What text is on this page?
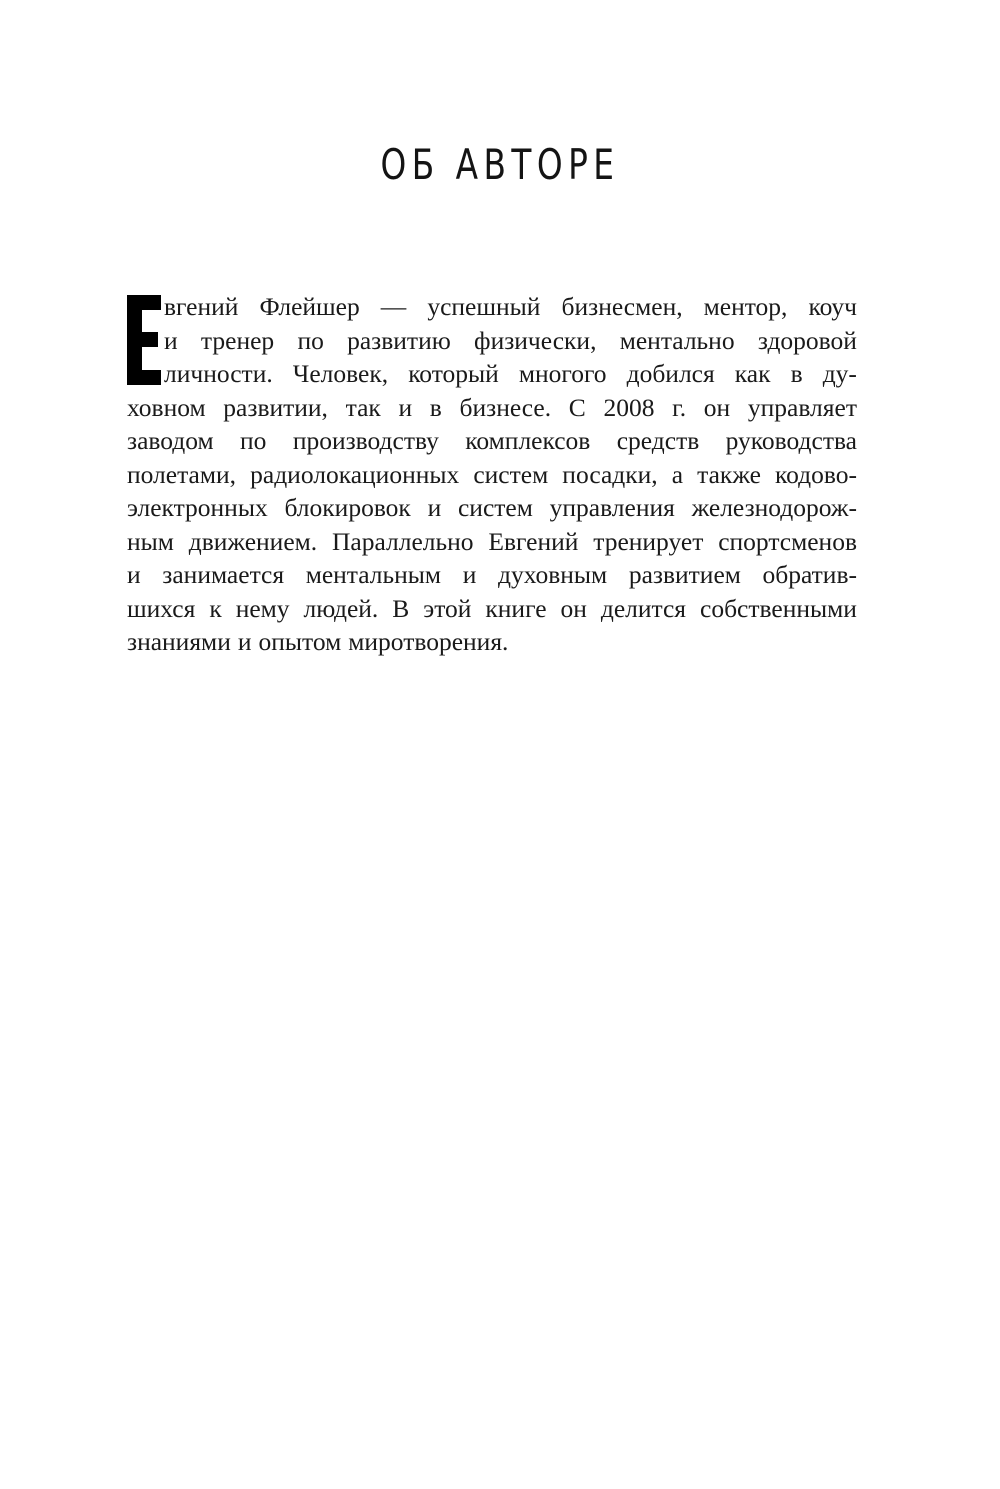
ОБ АВТОРЕ
вгений Флейшер — успешный бизнесмен, ментор, коуч
и тренер по развитию физически, ментально здоровой
личности. Человек, который многого добился как в ду-
ховном развитии, так и в бизнесе. С 2008 г. он управляет
заводом по производству комплексов средств руководства
полетами, радиолокационных систем посадки, а также кодово-
электронных блокировок и систем управления железнодорож-
ным движением. Параллельно Евгений тренирует спортсменов
и занимается ментальным и духовным развитием обратив-
шихся к нему людей. В этой книге он делится собственными
знаниями и опытом миротворения.
